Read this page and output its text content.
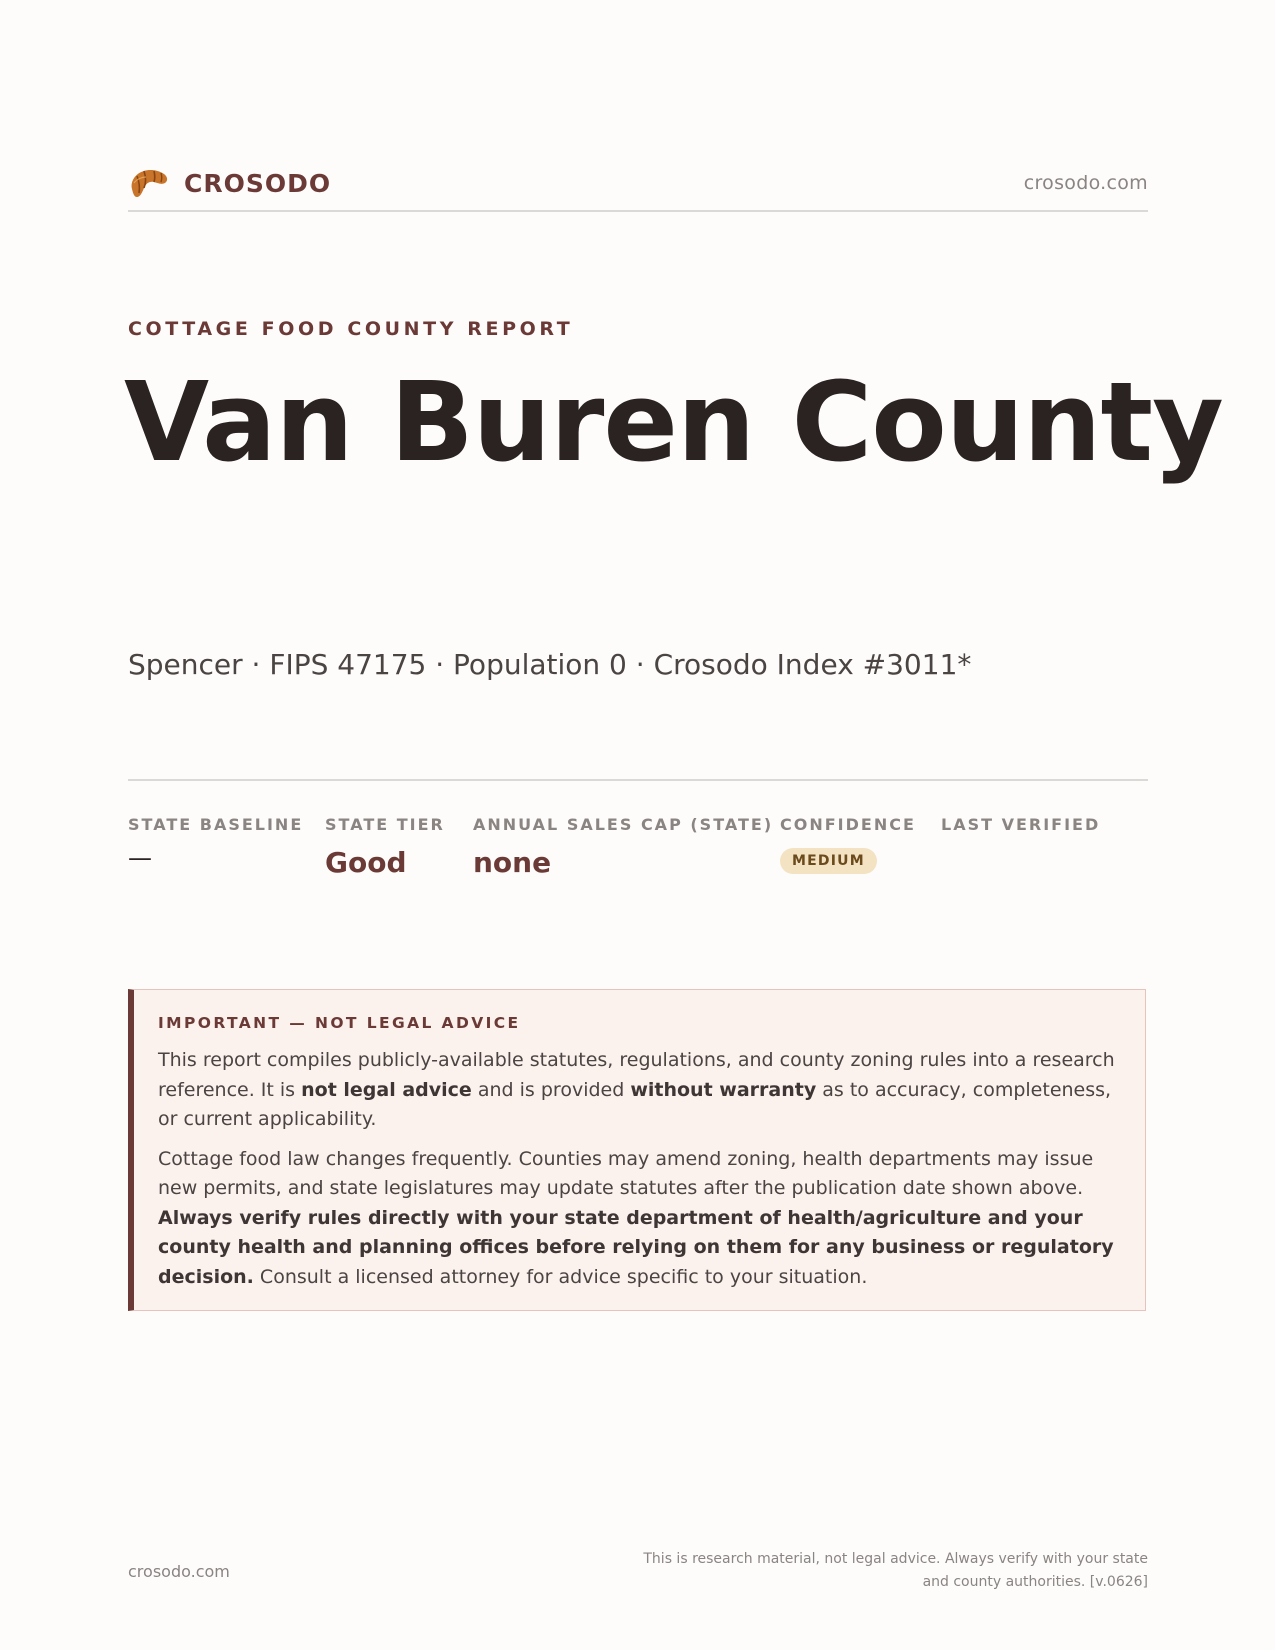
CROSODO	crosodo.com
COTTAGE FOOD COUNTY REPORT
Van Buren County
Spencer · FIPS 47175 · Population 0 · Crosodo Index #3011*
STATE BASELINE
—
STATE TIER
Good
ANNUAL SALES CAP (STATE)
none
CONFIDENCE
MEDIUM
LAST VERIFIED
IMPORTANT — NOT LEGAL ADVICE

This report compiles publicly-available statutes, regulations, and county zoning rules into a research reference. It is not legal advice and is provided without warranty as to accuracy, completeness, or current applicability.

Cottage food law changes frequently. Counties may amend zoning, health departments may issue new permits, and state legislatures may update statutes after the publication date shown above. Always verify rules directly with your state department of health/agriculture and your county health and planning offices before relying on them for any business or regulatory decision. Consult a licensed attorney for advice specific to your situation.

crosodo.com
This is research material, not legal advice. Always verify with your state
and county authorities. [v.0626]
